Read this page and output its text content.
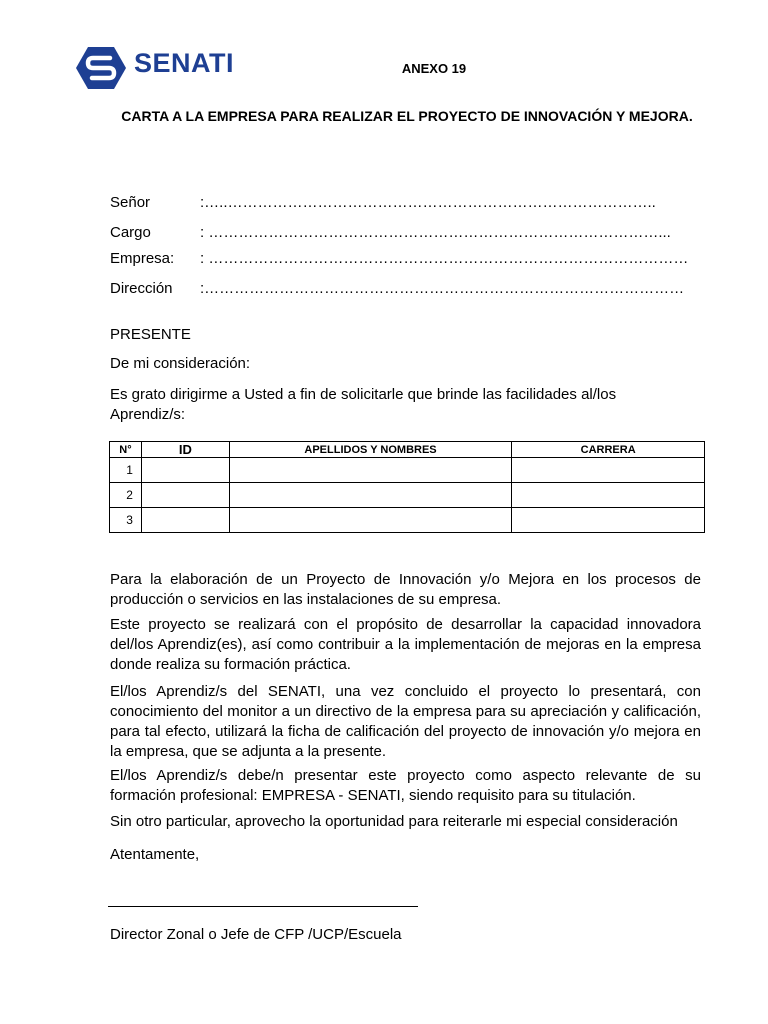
SENATI	ANEXO 19
CARTA A LA EMPRESA PARA REALIZAR EL PROYECTO DE INNOVACIÓN Y MEJORA.
Señor	:…..…………………………………………………………………………..
Cargo	: ………………………………………………………………………………...
Empresa: : ……………………………………………………………………………………
Dirección :……………………………………………………………………………………
PRESENTE
De mi consideración:
Es grato dirigirme a Usted a fin de solicitarle que brinde las facilidades al/los Aprendiz/s:
N°	ID	APELLIDOS Y NOMBRES	CARRERA
1			
2			
3			
Para la elaboración de un Proyecto de Innovación y/o Mejora en los procesos de producción o servicios en las instalaciones de su empresa.
Este proyecto se realizará con el propósito de desarrollar la capacidad innovadora del/los Aprendiz(es), así como contribuir a la implementación de mejoras en la empresa donde realiza su formación práctica.
El/los Aprendiz/s del SENATI, una vez concluido el proyecto lo presentará, con conocimiento del monitor a un directivo de la empresa para su apreciación y calificación, para tal efecto, utilizará la ficha de calificación del proyecto de innovación y/o mejora en la empresa, que se adjunta a la presente.
El/los Aprendiz/s debe/n presentar este proyecto como aspecto relevante de su formación profesional: EMPRESA - SENATI, siendo requisito para su titulación.
Sin otro particular, aprovecho la oportunidad para reiterarle mi especial consideración
Atentamente,
Director Zonal o Jefe de CFP /UCP/Escuela
